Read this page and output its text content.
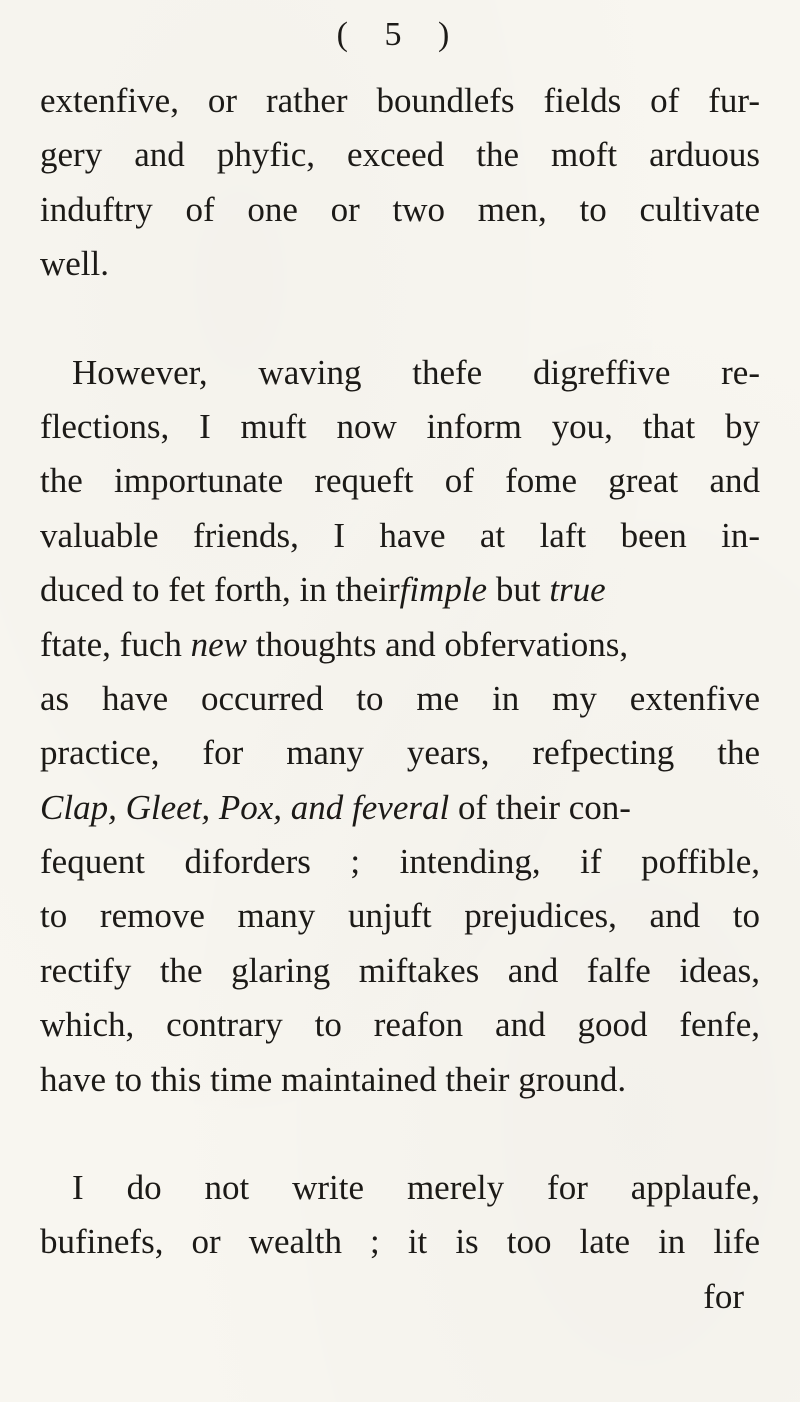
( 5 )
extenfive, or rather boundlefs fields of fur-
gery and phyfic, exceed the moft arduous
induftry of one or two men, to cultivate
well.
However, waving thefe digreffive re-
flections, I muft now inform you, that by
the importunate requeft of fome great and
valuable friends, I have at laft been in-
duced to fet forth, in theirfimple but true
ftate, fuch new thoughts and obfervations,
as have occurred to me in my extenfive
practice, for many years, refpecting the
Clap, Gleet, Pox, and feveral of their con-
fequent diforders ; intending, if poffible,
to remove many unjuft prejudices, and to
rectify the glaring miftakes and falfe ideas,
which, contrary to reafon and good fenfe,
have to this time maintained their ground.
I do not write merely for applaufe,
bufinefs, or wealth ; it is too late in life
for
